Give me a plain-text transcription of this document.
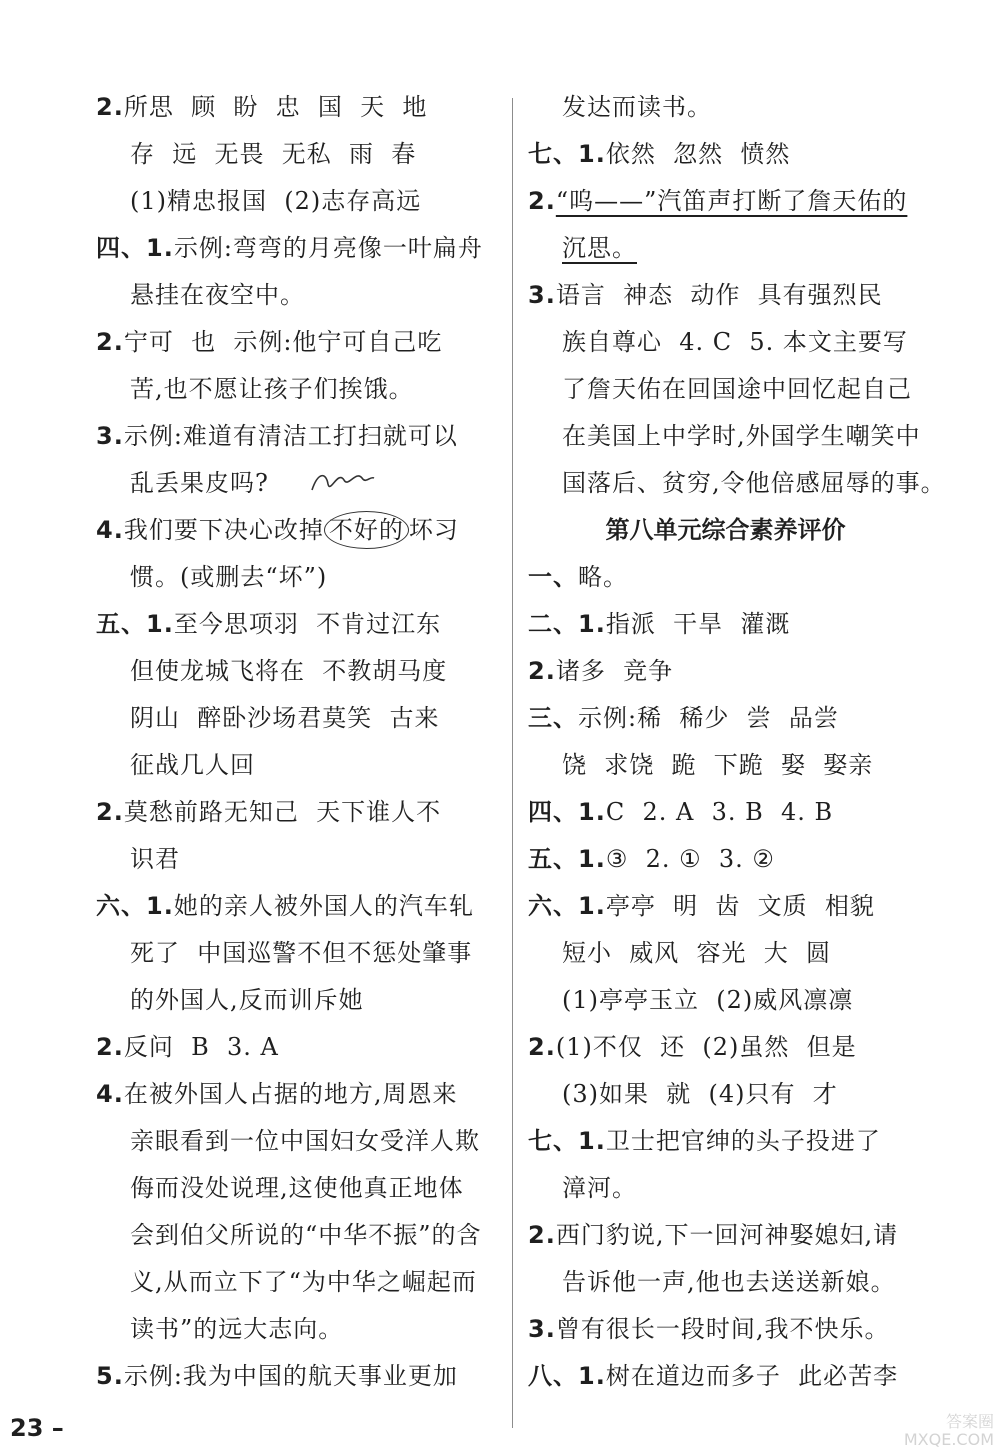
2.所思  顾  盼  忠  国  天  地
存  远  无畏  无私  雨  春
(1)精忠报国  (2)志存高远
四、1.示例:弯弯的月亮像一叶扁舟
悬挂在夜空中。
2.宁可  也  示例:他宁可自己吃
苦,也不愿让孩子们挨饿。
3.示例:难道有清洁工打扫就可以
乱丢果皮吗?
4.我们要下决心改掉 不好的 坏习
惯。(或删去“坏”)
五、1.至今思项羽  不肯过江东
但使龙城飞将在  不教胡马度
阴山  醉卧沙场君莫笑  古来
征战几人回
2.莫愁前路无知己  天下谁人不
识君
六、1.她的亲人被外国人的汽车轧
死了  中国巡警不但不惩处肇事
的外国人,反而训斥她
2.反问  B  3. A
4.在被外国人占据的地方,周恩来
亲眼看到一位中国妇女受洋人欺
侮而没处说理,这使他真正地体
会到伯父所说的“中华不振”的含
义,从而立下了“为中华之崛起而
读书”的远大志向。
5.示例:我为中国的航天事业更加
发达而读书。
七、1.依然  忽然  愤然
2.“呜——”汽笛声打断了詹天佑的
沉思。
3.语言  神态  动作  具有强烈民
族自尊心  4. C  5. 本文主要写
了詹天佑在回国途中回忆起自己
在美国上中学时,外国学生嘲笑中
国落后、贫穷,令他倍感屈辱的事。
第八单元综合素养评价
一、略。
二、1.指派  干旱  灌溉
2.诸多  竞争
三、示例:稀  稀少  尝  品尝
饶  求饶  跪  下跪  娶  娶亲
四、1.C  2. A  3. B  4. B
五、1.③  2. ①  3. ②
六、1.亭亭  明  齿  文质  相貌
短小  威风  容光  大  圆
(1)亭亭玉立  (2)威风凛凛
2.(1)不仅  还  (2)虽然  但是
(3)如果  就  (4)只有  才
七、1.卫士把官绅的头子投进了
漳河。
2.西门豹说,下一回河神娶媳妇,请
告诉他一声,他也去送送新娘。
3.曾有很长一段时间,我不快乐。
八、1.树在道边而多子  此必苦李
23 –	答案圈
MXQE.COM
